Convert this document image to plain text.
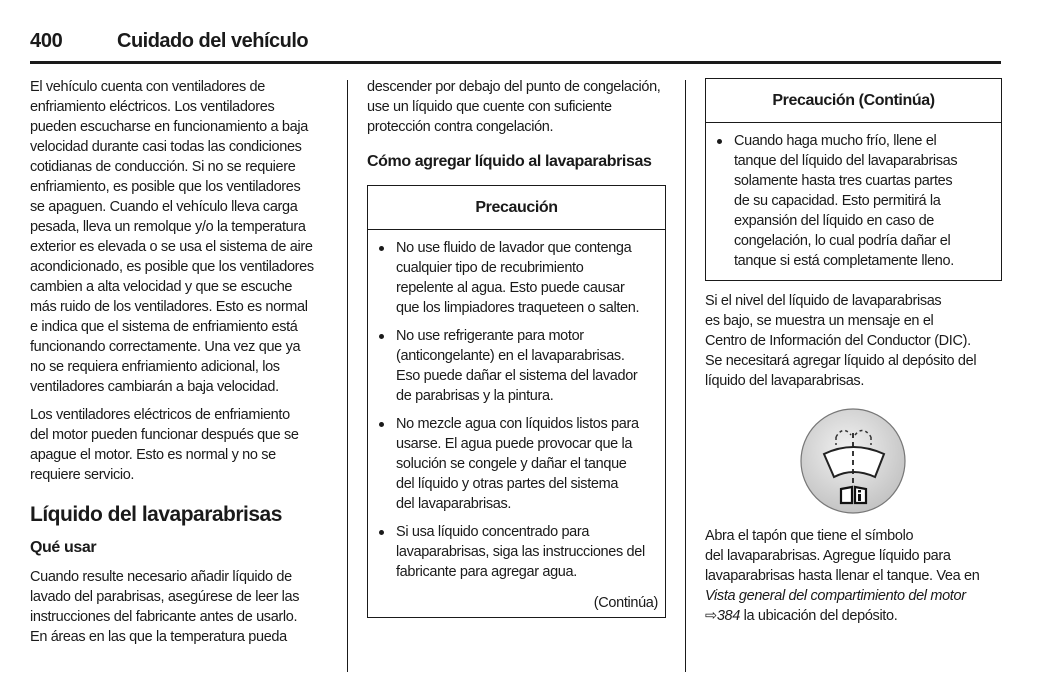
400	Cuidado del vehículo
El vehículo cuenta con ventiladores de
enfriamiento eléctricos. Los ventiladores
pueden escucharse en funcionamiento a baja
velocidad durante casi todas las condiciones
cotidianas de conducción. Si no se requiere
enfriamiento, es posible que los ventiladores
se apaguen. Cuando el vehículo lleva carga
pesada, lleva un remolque y/o la temperatura
exterior es elevada o se usa el sistema de aire
acondicionado, es posible que los ventiladores
cambien a alta velocidad y que se escuche
más ruido de los ventiladores. Esto es normal
e indica que el sistema de enfriamiento está
funcionando correctamente. Una vez que ya
no se requiera enfriamiento adicional, los
ventiladores cambiarán a baja velocidad.
Los ventiladores eléctricos de enfriamiento
del motor pueden funcionar después que se
apague el motor. Esto es normal y no se
requiere servicio.
Líquido del lavaparabrisas
Qué usar
Cuando resulte necesario añadir líquido de
lavado del parabrisas, asegúrese de leer las
instrucciones del fabricante antes de usarlo.
En áreas en las que la temperatura pueda
descender por debajo del punto de congelación,
use un líquido que cuente con suficiente
protección contra congelación.
Cómo agregar líquido al lavaparabrisas
Precaución
No use fluido de lavador que contenga
cualquier tipo de recubrimiento
repelente al agua. Esto puede causar
que los limpiadores traqueteen o salten.
No use refrigerante para motor
(anticongelante) en el lavaparabrisas.
Eso puede dañar el sistema del lavador
de parabrisas y la pintura.
No mezcle agua con líquidos listos para
usarse. El agua puede provocar que la
solución se congele y dañar el tanque
del líquido y otras partes del sistema
del lavaparabrisas.
Si usa líquido concentrado para
lavaparabrisas, siga las instrucciones del
fabricante para agregar agua.
(Continúa)
Precaución (Continúa)
Cuando haga mucho frío, llene el
tanque del líquido del lavaparabrisas
solamente hasta tres cuartas partes
de su capacidad. Esto permitirá la
expansión del líquido en caso de
congelación, lo cual podría dañar el
tanque si está completamente lleno.
Si el nivel del líquido de lavaparabrisas
es bajo, se muestra un mensaje en el
Centro de Información del Conductor (DIC).
Se necesitará agregar líquido al depósito del
líquido del lavaparabrisas.
Abra el tapón que tiene el símbolo
del lavaparabrisas. Agregue líquido para
lavaparabrisas hasta llenar el tanque. Vea en
Vista general del compartimiento del motor
⇨384 la ubicación del depósito.
